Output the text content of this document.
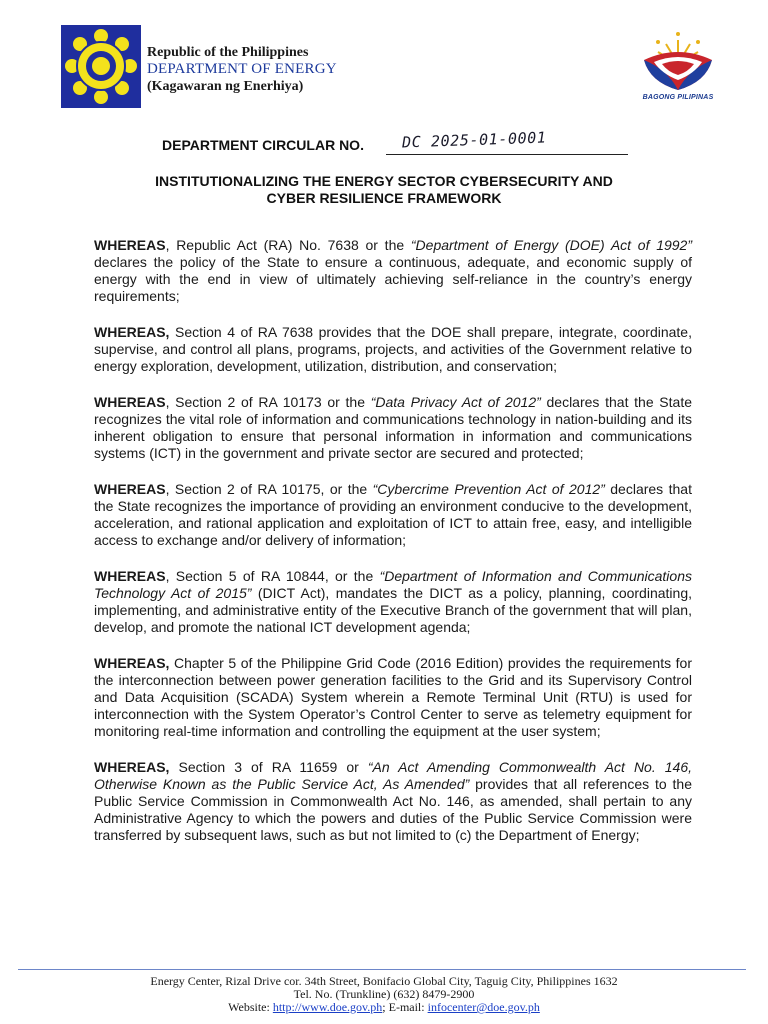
Republic of the Philippines
DEPARTMENT OF ENERGY
(Kagawaran ng Enerhiya)
BAGONG PILIPINAS
DEPARTMENT CIRCULAR NO.	DC 2025-01-0001
INSTITUTIONALIZING THE ENERGY SECTOR CYBERSECURITY AND
CYBER RESILIENCE FRAMEWORK

WHEREAS, Republic Act (RA) No. 7638 or the “Department of Energy (DOE) Act of 1992” declares the policy of the State to ensure a continuous, adequate, and economic supply of energy with the end in view of ultimately achieving self-reliance in the country’s energy requirements;

WHEREAS, Section 4 of RA 7638 provides that the DOE shall prepare, integrate, coordinate, supervise, and control all plans, programs, projects, and activities of the Government relative to energy exploration, development, utilization, distribution, and conservation;

WHEREAS, Section 2 of RA 10173 or the “Data Privacy Act of 2012” declares that the State recognizes the vital role of information and communications technology in nation-building and its inherent obligation to ensure that personal information in information and communications systems (ICT) in the government and private sector are secured and protected;

WHEREAS, Section 2 of RA 10175, or the “Cybercrime Prevention Act of 2012” declares that the State recognizes the importance of providing an environment conducive to the development, acceleration, and rational application and exploitation of ICT to attain free, easy, and intelligible access to exchange and/or delivery of information;

WHEREAS, Section 5 of RA 10844, or the “Department of Information and Communications Technology Act of 2015” (DICT Act), mandates the DICT as a policy, planning, coordinating, implementing, and administrative entity of the Executive Branch of the government that will plan, develop, and promote the national ICT development agenda;

WHEREAS, Chapter 5 of the Philippine Grid Code (2016 Edition) provides the requirements for the interconnection between power generation facilities to the Grid and its Supervisory Control and Data Acquisition (SCADA) System wherein a Remote Terminal Unit (RTU) is used for interconnection with the System Operator’s Control Center to serve as telemetry equipment for monitoring real-time information and controlling the equipment at the user system;

WHEREAS, Section 3 of RA 11659 or “An Act Amending Commonwealth Act No. 146, Otherwise Known as the Public Service Act, As Amended” provides that all references to the Public Service Commission in Commonwealth Act No. 146, as amended, shall pertain to any Administrative Agency to which the powers and duties of the Public Service Commission were transferred by subsequent laws, such as but not limited to (c) the Department of Energy;

Energy Center, Rizal Drive cor. 34th Street, Bonifacio Global City, Taguig City, Philippines 1632
Tel. No. (Trunkline) (632) 8479-2900
Website: http://www.doe.gov.ph; E-mail: infocenter@doe.gov.ph
